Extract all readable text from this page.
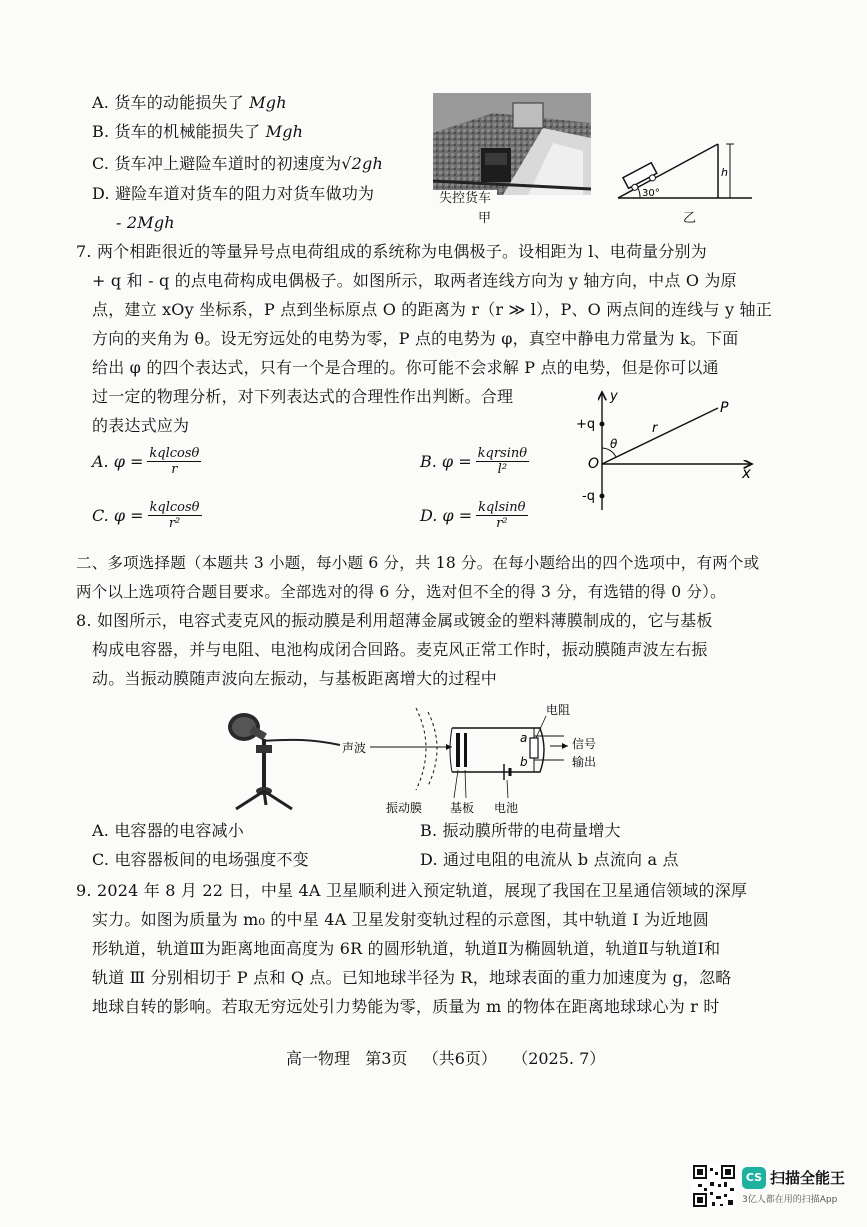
A. 货车的动能损失了 Mgh
B. 货车的机械能损失了 Mgh
C. 货车冲上避险车道时的初速度为√2gh
D. 避险车道对货车的阻力对货车做功为
- 2Mgh
失控货车
甲
30°
h
乙
7. 两个相距很近的等量异号点电荷组成的系统称为电偶极子。设相距为 l、电荷量分别为
+ q 和 - q 的点电荷构成电偶极子。如图所示，取两者连线方向为 y 轴方向，中点 O 为原
点，建立 xOy 坐标系，P 点到坐标原点 O 的距离为 r（r ≫ l），P、O 两点间的连线与 y 轴正
方向的夹角为 θ。设无穷远处的电势为零，P 点的电势为 φ，真空中静电力常量为 k。下面
给出 φ 的四个表达式，只有一个是合理的。你可能不会求解 P 点的电势，但是你可以通
过一定的物理分析，对下列表达式的合理性作出判断。合理
的表达式应为
A. $\varphi = \frac{\text{kqlcosθ}}{r}$	B. $\varphi = \frac{\text{kqrsinθ}}{\text{l²}}$
C. $\varphi = \frac{\text{kqlcosθ}}{\text{r²}}$	D. $\varphi = \frac{\text{kqlsinθ}}{\text{r²}}$
y
x
+q
-q
O
θ
r
P
二、多项选择题（本题共 3 小题，每小题 6 分，共 18 分。在每小题给出的四个选项中，有两个或
两个以上选项符合题目要求。全部选对的得 6 分，选对但不全的得 3 分，有选错的得 0 分）。
8. 如图所示，电容式麦克风的振动膜是利用超薄金属或镀金的塑料薄膜制成的，它与基板
构成电容器，并与电阻、电池构成闭合回路。麦克风正常工作时，振动膜随声波左右振
动。当振动膜随声波向左振动，与基板距离增大的过程中
声波
电阻
信号
输出
a
b
振动膜 基板 电池
A. 电容器的电容减小	B. 振动膜所带的电荷量增大
C. 电容器板间的电场强度不变	D. 通过电阻的电流从 b 点流向 a 点
9. 2024 年 8 月 22 日，中星 4A 卫星顺利进入预定轨道，展现了我国在卫星通信领域的深厚
实力。如图为质量为 m₀ 的中星 4A 卫星发射变轨过程的示意图，其中轨道 Ⅰ 为近地圆
形轨道，轨道Ⅲ为距离地面高度为 6R 的圆形轨道，轨道Ⅱ为椭圆轨道，轨道Ⅱ与轨道Ⅰ和
轨道 Ⅲ 分别相切于 P 点和 Q 点。已知地球半径为 R，地球表面的重力加速度为 g，忽略
地球自转的影响。若取无穷远处引力势能为零，质量为 m 的物体在距离地球球心为 r 时
高一物理 第3页 （共6页） （2025. 7）
CS 扫描全能王
3亿人都在用的扫描App
